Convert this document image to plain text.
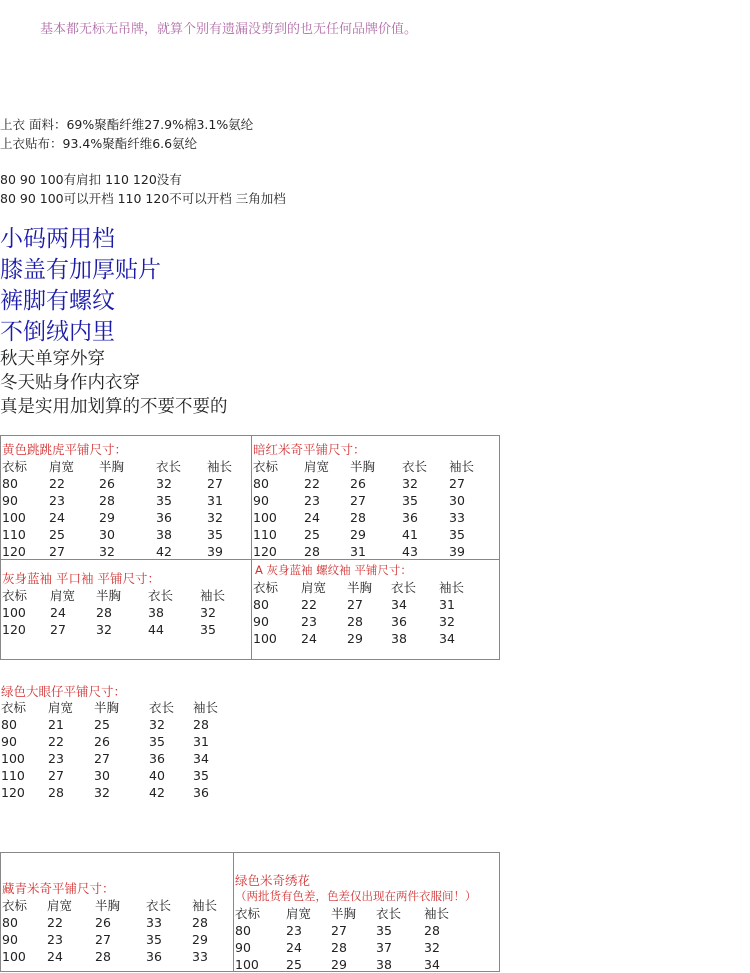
基本都无标无吊牌，就算个别有遗漏没剪到的也无任何品牌价值。
上衣 面料：69%聚酯纤维27.9%棉3.1%氨纶
上衣贴布：93.4%聚酯纤维6.6氨纶
80 90 100有肩扣 110 120没有
80 90 100可以开档 110 120不可以开档 三角加档
小码两用档
膝盖有加厚贴片
裤脚有螺纹
不倒绒内里
秋天单穿外穿
冬天贴身作内衣穿
真是实用加划算的不要不要的
黄色跳跳虎平铺尺寸：
衣标	肩宽	半胸	衣长	袖长
80	22	26	32	27
90	23	28	35	31
100	24	29	36	32
110	25	30	38	35
120	27	32	42	39
暗红米奇平铺尺寸：
衣标	肩宽	半胸	衣长	袖长
80	22	26	32	27
90	23	27	35	30
100	24	28	36	33
110	25	29	41	35
120	28	31	43	39
灰身蓝袖 平口袖 平铺尺寸：
衣标	肩宽	半胸	衣长	袖长
100	24	28	38	32
120	27	32	44	35
A 灰身蓝袖 螺纹袖 平铺尺寸：
衣标	肩宽	半胸	衣长	袖长
80	22	27	34	31
90	23	28	36	32
100	24	29	38	34
绿色大眼仔平铺尺寸：
衣标	肩宽	半胸	衣长	袖长
80	21	25	32	28
90	22	26	35	31
100	23	27	36	34
110	27	30	40	35
120	28	32	42	36
藏青米奇平铺尺寸：
衣标	肩宽	半胸	衣长	袖长
80	22	26	33	28
90	23	27	35	29
100	24	28	36	33
绿色米奇绣花
（两批货有色差，色差仅出现在两件衣服间！）
衣标	肩宽	半胸	衣长	袖长
80	23	27	35	28
90	24	28	37	32
100	25	29	38	34
